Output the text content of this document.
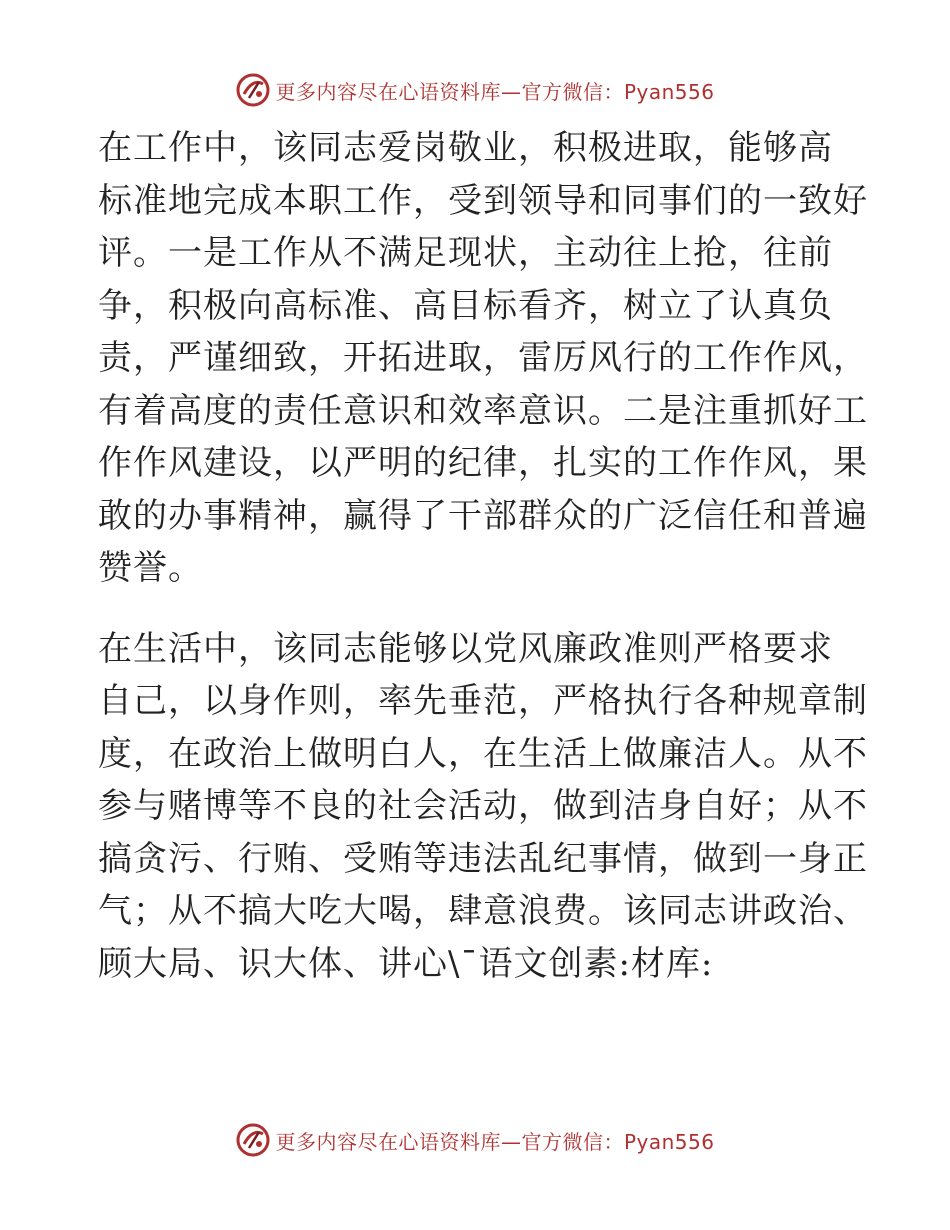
更多内容尽在心语资料库—官方微信：Pyan556

在工作中，该同志爱岗敬业，积极进取，能够高
标准地完成本职工作，受到领导和同事们的一致好
评。一是工作从不满足现状，主动往上抢，往前
争，积极向高标准、高目标看齐，树立了认真负
责，严谨细致，开拓进取，雷厉风行的工作作风，
有着高度的责任意识和效率意识。二是注重抓好工
作作风建设，以严明的纪律，扎实的工作作风，果
敢的办事精神，赢得了干部群众的广泛信任和普遍
赞誉。

在生活中，该同志能够以党风廉政准则严格要求
自己，以身作则，率先垂范，严格执行各种规章制
度，在政治上做明白人，在生活上做廉洁人。从不
参与赌博等不良的社会活动，做到洁身自好；从不
搞贪污、行贿、受贿等违法乱纪事情，做到一身正
气；从不搞大吃大喝，肆意浪费。该同志讲政治、
顾大局、识大体、讲心\¯语文创素:材库:

更多内容尽在心语资料库—官方微信：Pyan556
